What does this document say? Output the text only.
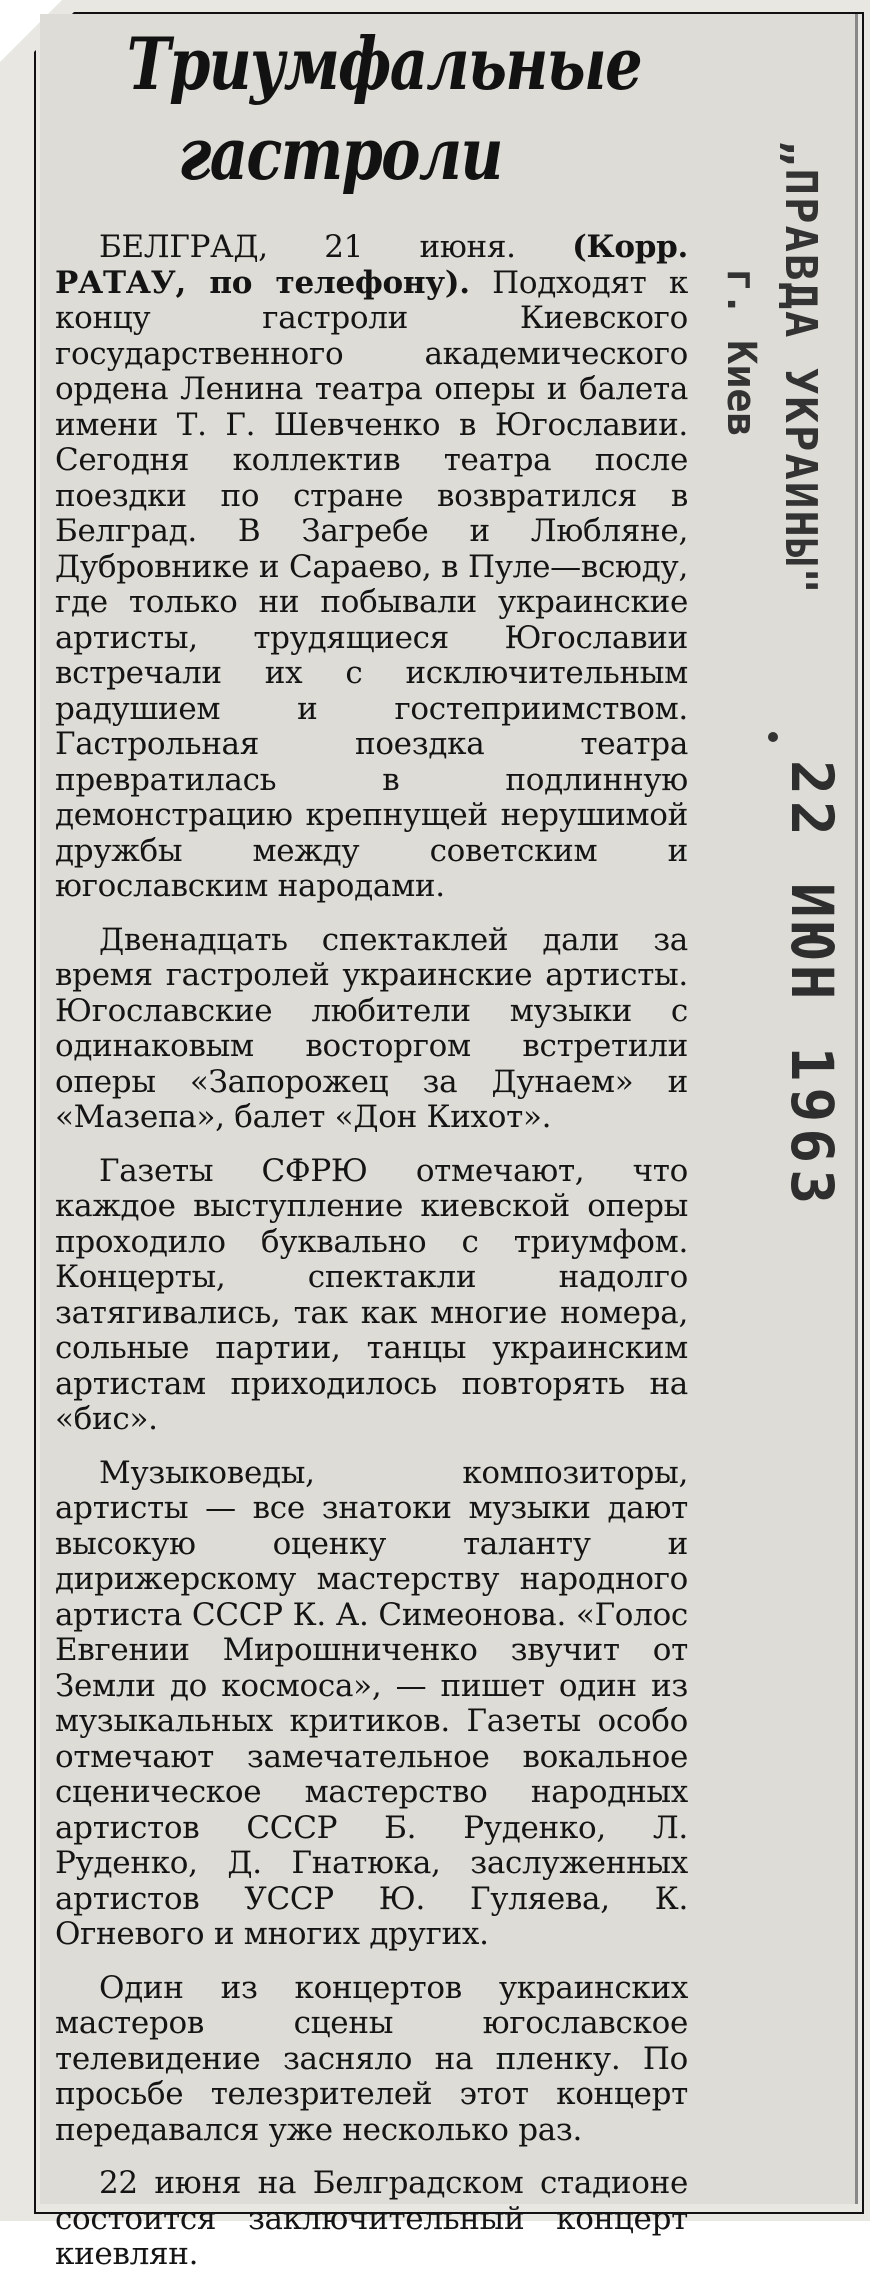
Триумфальные
гастроли

БЕЛГРАД, 21 июня. (Корр. РАТАУ, по телефону). Подходят к концу гастроли Киевского государственного академического ордена Ленина театра оперы и балета имени Т. Г. Шевченко в Югославии. Сегодня коллектив театра после поездки по стране возвратился в Белград. В Загребе и Любляне, Дубровнике и Сараево, в Пуле—всюду, где только ни побывали украинские артисты, трудящиеся Югославии встречали их с исключительным радушием и гостеприимством. Гастрольная поездка театра превратилась в подлинную демонстрацию крепнущей нерушимой дружбы между советским и югославским народами.

Двенадцать спектаклей дали за время гастролей украинские артисты. Югославские любители музыки с одинаковым восторгом встретили оперы «Запорожец за Дунаем» и «Мазепа», балет «Дон Кихот».

Газеты СФРЮ отмечают, что каждое выступление киевской оперы проходило буквально с триумфом. Концерты, спектакли надолго затягивались, так как многие номера, сольные партии, танцы украинским артистам приходилось повторять на «бис».

Музыковеды, композиторы, артисты — все знатоки музыки дают высокую оценку таланту и дирижерскому мастерству народного артиста СССР К. А. Симеонова. «Голос Евгении Мирошниченко звучит от Земли до космоса», — пишет один из музыкальных критиков. Газеты особо отмечают замечательное вокальное сценическое мастерство народных артистов СССР Б. Руденко, Л. Руденко, Д. Гнатюка, заслуженных артистов УССР Ю. Гуляева, К. Огневого и многих других.

Один из концертов украинских мастеров сцены югославское телевидение засняло на пленку. По просьбе телезрителей этот концерт передавался уже несколько раз.

22 июня на Белградском стадионе состоится заключительный концерт киевлян.

„ПРАВДА УКРАИНЫ"
г. Киев
22 ИЮН 1963
